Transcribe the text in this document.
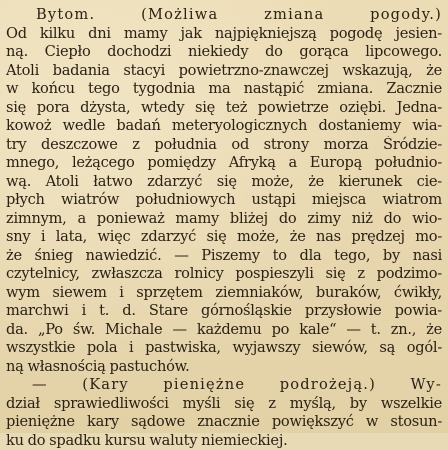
Bytom. (Możliwa zmiana pogody.)
Od kilku dni mamy jak najpiękniejszą pogodę jesien-
ną. Ciepło dochodzi niekiedy do gorąca lipcowego.
Atoli badania stacyi powietrzno-znawczej wskazują, że
w końcu tego tygodnia ma nastąpić zmiana. Zacznie
się pora dżysta, wtedy się też powietrze oziębi. Jedna-
kowoż wedle badań meteryologicznych dostaniemy wia-
try deszczowe z południa od strony morza Śródzie-
mnego, leżącego pomiędzy Afryką a Europą południo-
wą. Atoli łatwo zdarzyć się może, że kierunek cie-
płych wiatrów południowych ustąpi miejsca wiatrom
zimnym, a ponieważ mamy bliżej do zimy niż do wio-
sny i lata, więc zdarzyć się może, że nas prędzej mo-
że śnieg nawiedzić. — Piszemy to dla tego, by nasi
czytelnicy, zwłaszcza rolnicy pospieszyli się z podzimo-
wym siewem i sprzętem ziemniaków, buraków, ćwikły,
marchwi i t. d. Stare górnośląskie przysłowie powia-
da. „Po św. Michale — każdemu po kale“ — t. zn., że
wszystkie pola i pastwiska, wyjawszy siewów, są ogól-
ną własnością pastuchów.
— (Kary pieniężne podrożeją.) Wy-
dział sprawiedliwości myśli się z myślą, by wszelkie
pieniężne kary sądowe znacznie powiększyć w stosun-
ku do spadku kursu waluty niemieckiej.
